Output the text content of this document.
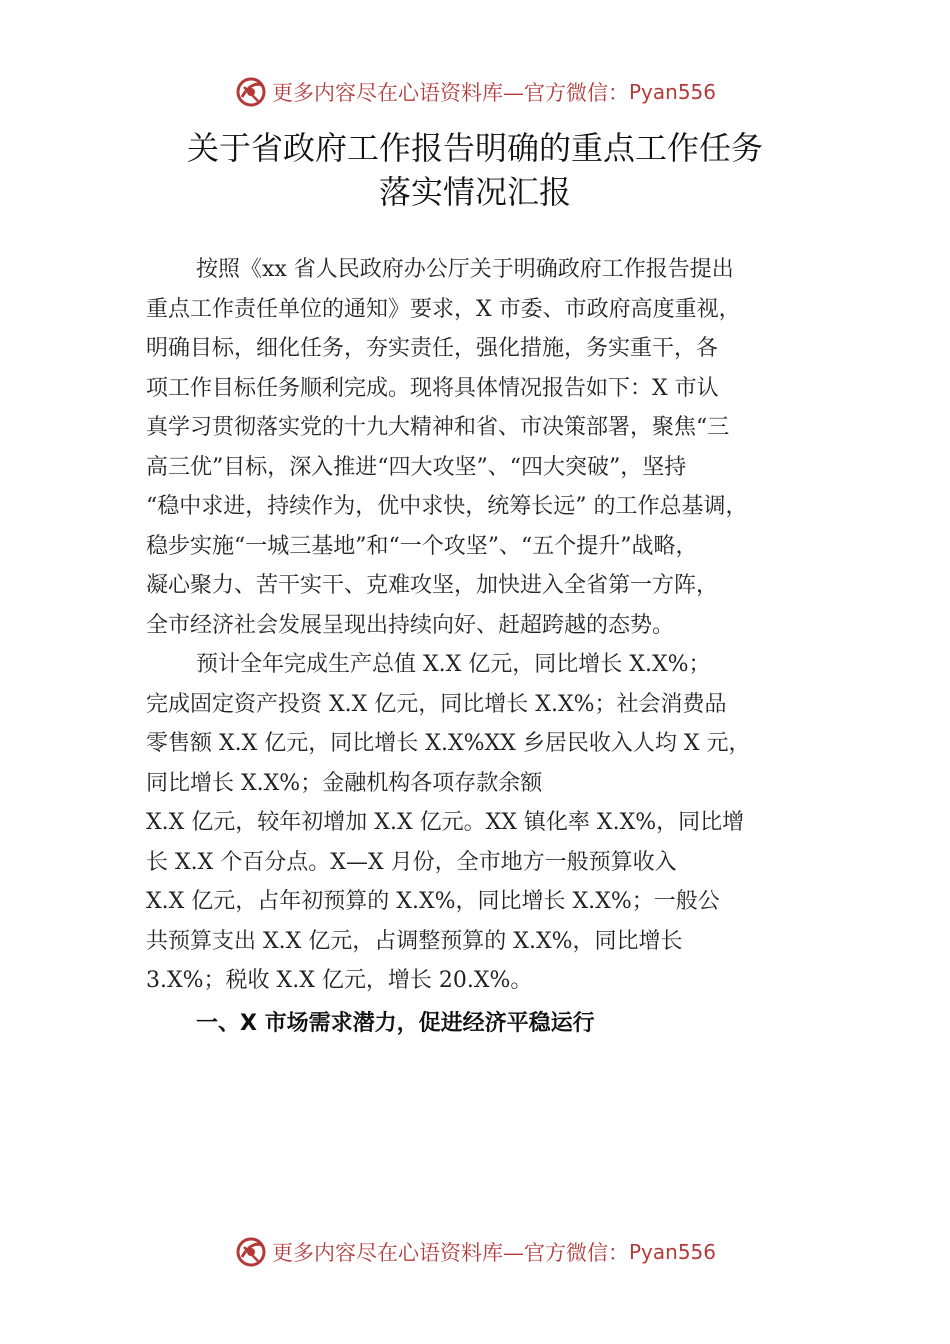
更多内容尽在心语资料库—官方微信： Pyan556
关于省政府工作报告明确的重点工作任务
落实情况汇报
按照《xx 省人民政府办公厅关于明确政府工作报告提出
重点工作责任单位的通知》要求，X 市委、市政府高度重视，
明确目标，细化任务，夯实责任，强化措施，务实重干，各
项工作目标任务顺利完成。现将具体情况报告如下：X 市认
真学习贯彻落实党的十九大精神和省、市决策部署，聚焦“三
高三优”目标，深入推进“四大攻坚”、“四大突破”，坚持
“稳中求进，持续作为，优中求快，统筹长远” 的工作总基调，
稳步实施“一城三基地”和“一个攻坚”、“五个提升”战略，
凝心聚力、苦干实干、克难攻坚，加快进入全省第一方阵，
全市经济社会发展呈现出持续向好、赶超跨越的态势。
预计全年完成生产总值 X.X 亿元，同比增长 X.X%；
完成固定资产投资 X.X 亿元，同比增长 X.X%；社会消费品
零售额 X.X 亿元，同比增长 X.X%XX 乡居民收入人均 X 元，
同比增长 X.X%；金融机构各项存款余额
X.X 亿元，较年初增加 X.X 亿元。XX 镇化率 X.X%，同比增
长 X.X 个百分点。X—X 月份，全市地方一般预算收入
X.X 亿元，占年初预算的 X.X%，同比增长 X.X%；一般公
共预算支出 X.X 亿元，占调整预算的 X.X%，同比增长
3.X%；税收 X.X 亿元，增长 20.X%。
一、X 市场需求潜力，促进经济平稳运行
更多内容尽在心语资料库—官方微信： Pyan556
